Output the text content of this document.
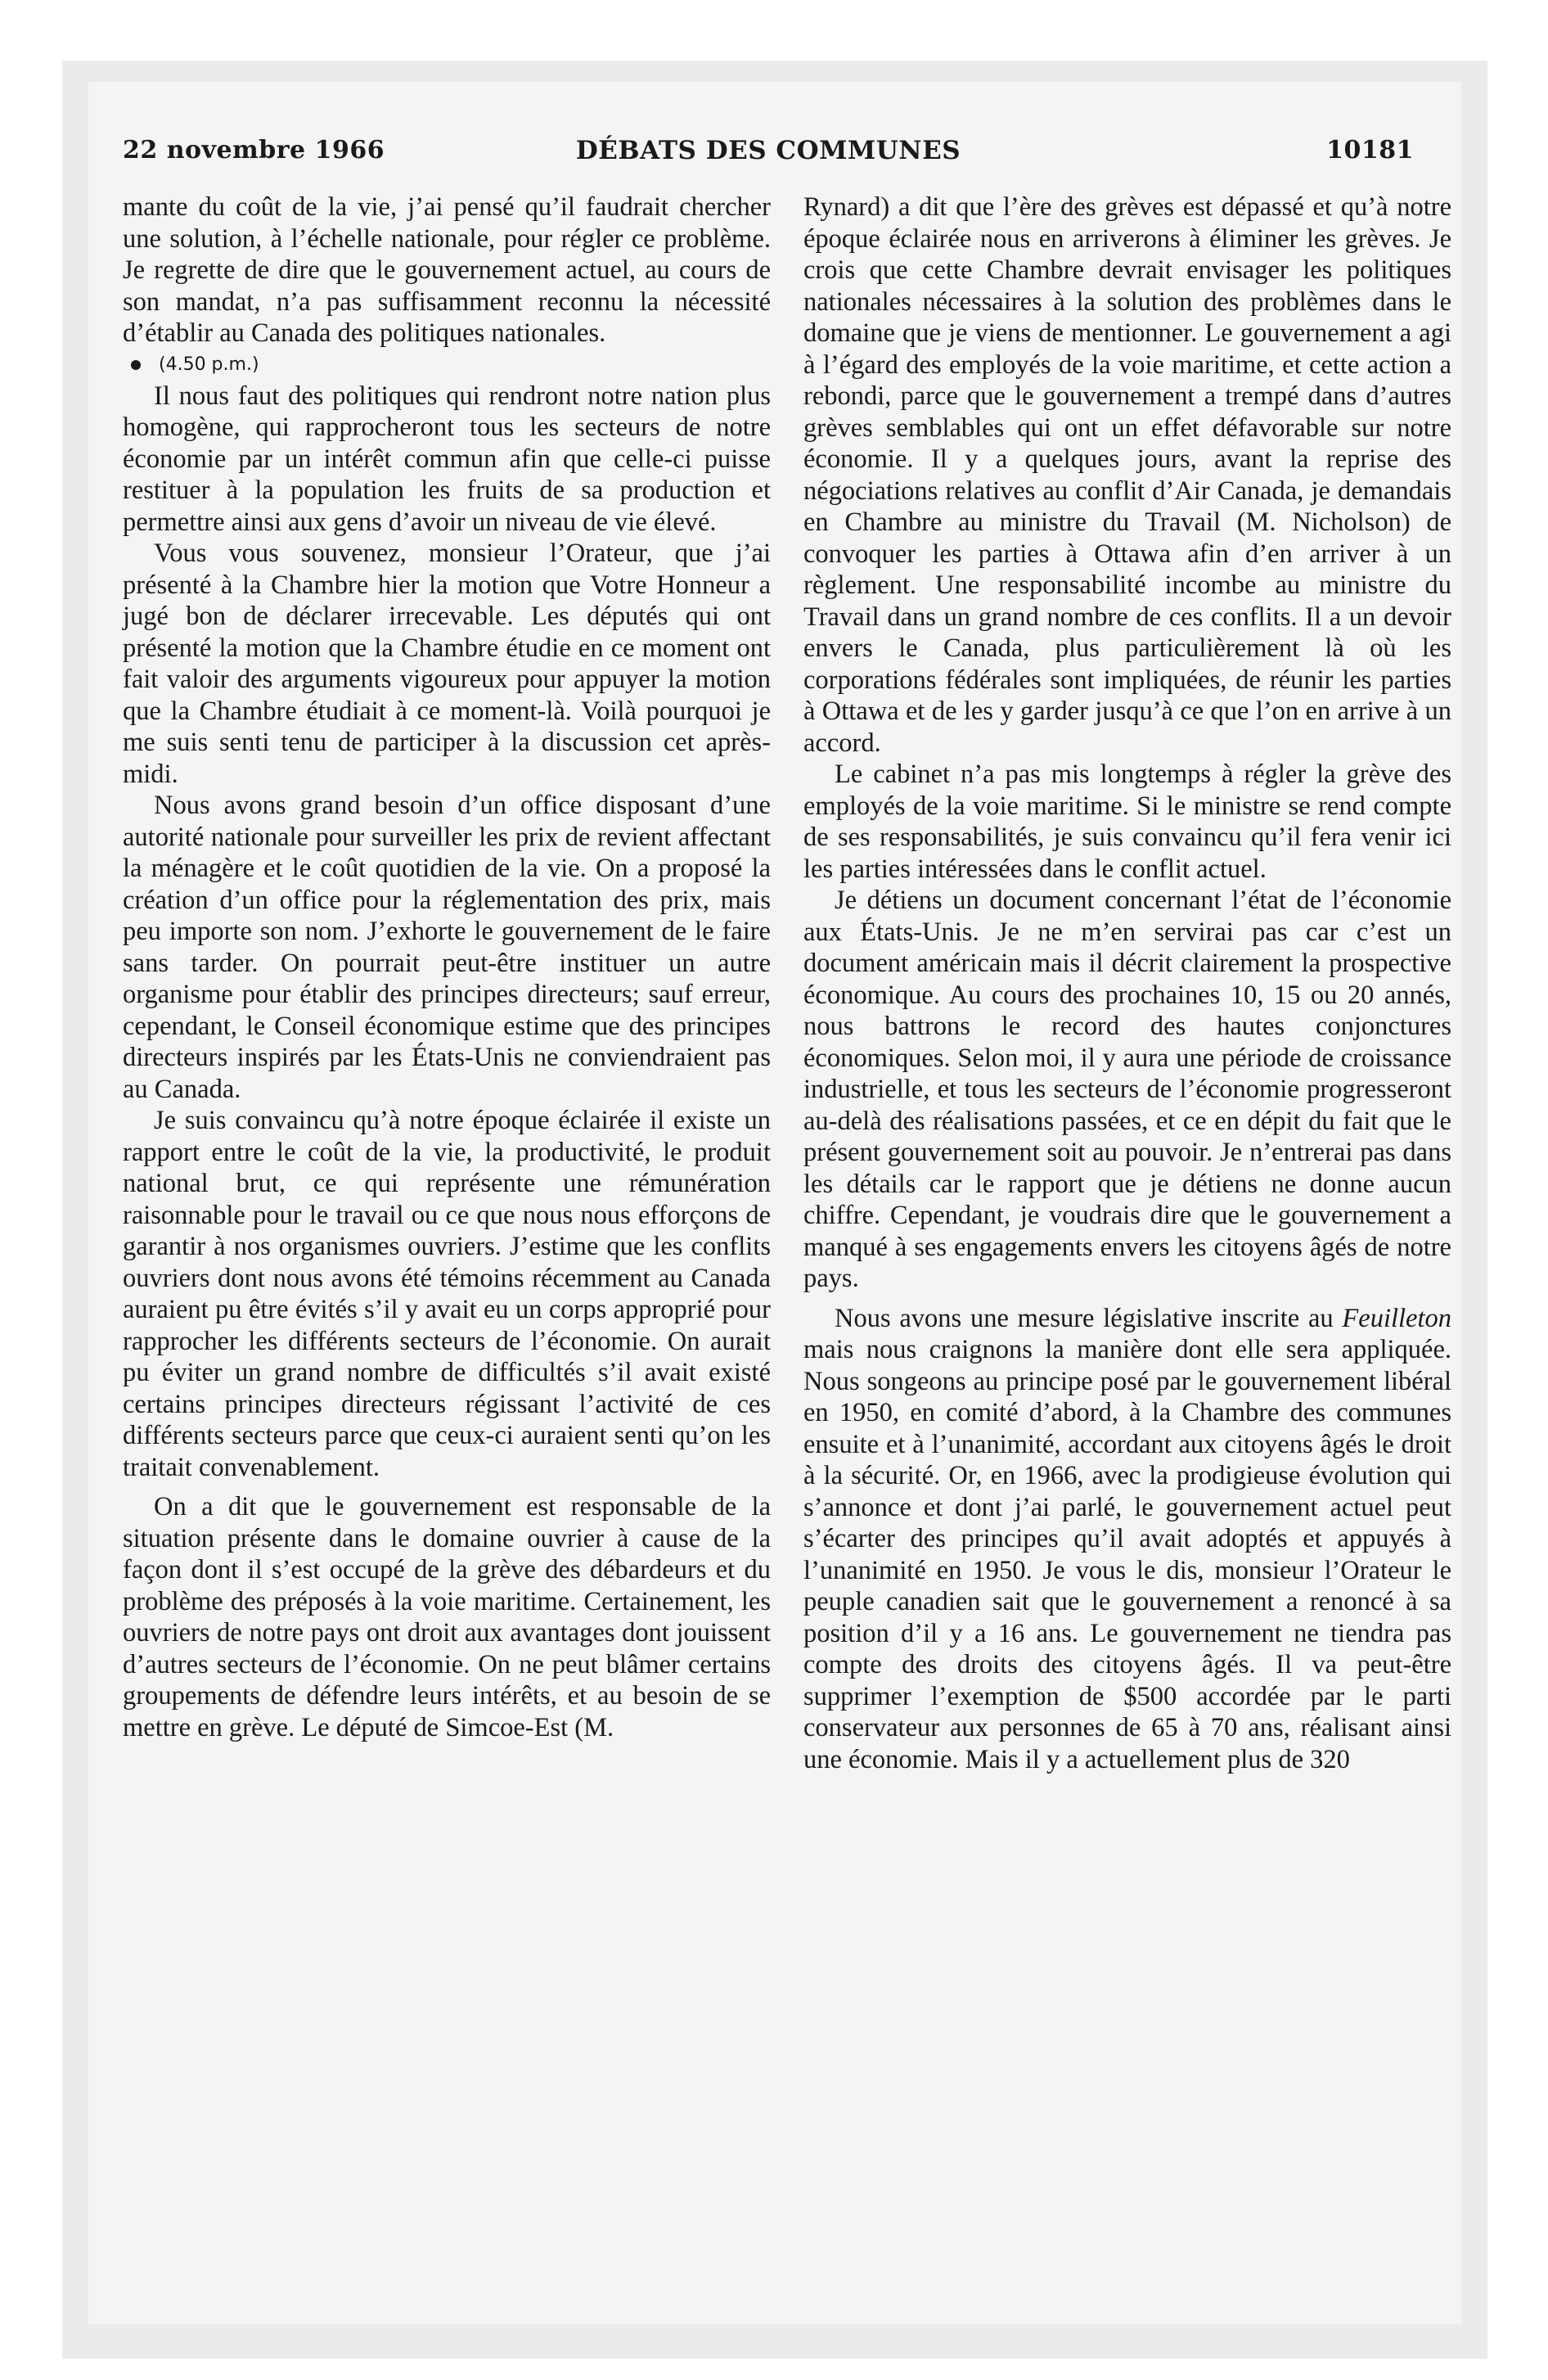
22 novembre 1966	DÉBATS DES COMMUNES	10181

mante du coût de la vie, j’ai pensé qu’il faudrait chercher une solution, à l’échelle nationale, pour régler ce problème. Je regrette de dire que le gouvernement actuel, au cours de son mandat, n’a pas suffisamment reconnu la nécessité d’établir au Canada des politiques nationales.

(4.50 p.m.)

Il nous faut des politiques qui rendront notre nation plus homogène, qui rapprocheront tous les secteurs de notre économie par un intérêt commun afin que celle-ci puisse restituer à la population les fruits de sa production et permettre ainsi aux gens d’avoir un niveau de vie élevé.

Vous vous souvenez, monsieur l’Orateur, que j’ai présenté à la Chambre hier la motion que Votre Honneur a jugé bon de déclarer irrecevable. Les députés qui ont présenté la motion que la Chambre étudie en ce moment ont fait valoir des arguments vigoureux pour appuyer la motion que la Chambre étudiait à ce moment-là. Voilà pourquoi je me suis senti tenu de participer à la discussion cet après-midi.

Nous avons grand besoin d’un office disposant d’une autorité nationale pour surveiller les prix de revient affectant la ménagère et le coût quotidien de la vie. On a proposé la création d’un office pour la réglementation des prix, mais peu importe son nom. J’exhorte le gouvernement de le faire sans tarder. On pourrait peut-être instituer un autre organisme pour établir des principes directeurs; sauf erreur, cependant, le Conseil économique estime que des principes directeurs inspirés par les États-Unis ne conviendraient pas au Canada.

Je suis convaincu qu’à notre époque éclairée il existe un rapport entre le coût de la vie, la productivité, le produit national brut, ce qui représente une rémunération raisonnable pour le travail ou ce que nous nous efforçons de garantir à nos organismes ouvriers. J’estime que les conflits ouvriers dont nous avons été témoins récemment au Canada auraient pu être évités s’il y avait eu un corps approprié pour rapprocher les différents secteurs de l’économie. On aurait pu éviter un grand nombre de difficultés s’il avait existé certains principes directeurs régissant l’activité de ces différents secteurs parce que ceux-ci auraient senti qu’on les traitait convenablement.

On a dit que le gouvernement est responsable de la situation présente dans le domaine ouvrier à cause de la façon dont il s’est occupé de la grève des débardeurs et du problème des préposés à la voie maritime. Certainement, les ouvriers de notre pays ont droit aux avantages dont jouissent d’autres secteurs de l’économie. On ne peut blâmer certains groupements de défendre leurs intérêts, et au besoin de se mettre en grève. Le député de Simcoe-Est (M.

Rynard) a dit que l’ère des grèves est dépassé et qu’à notre époque éclairée nous en arriverons à éliminer les grèves. Je crois que cette Chambre devrait envisager les politiques nationales nécessaires à la solution des problèmes dans le domaine que je viens de mentionner. Le gouvernement a agi à l’égard des employés de la voie maritime, et cette action a rebondi, parce que le gouvernement a trempé dans d’autres grèves semblables qui ont un effet défavorable sur notre économie. Il y a quelques jours, avant la reprise des négociations relatives au conflit d’Air Canada, je demandais en Chambre au ministre du Travail (M. Nicholson) de convoquer les parties à Ottawa afin d’en arriver à un règlement. Une responsabilité incombe au ministre du Travail dans un grand nombre de ces conflits. Il a un devoir envers le Canada, plus particulièrement là où les corporations fédérales sont impliquées, de réunir les parties à Ottawa et de les y garder jusqu’à ce que l’on en arrive à un accord.

Le cabinet n’a pas mis longtemps à régler la grève des employés de la voie maritime. Si le ministre se rend compte de ses responsabilités, je suis convaincu qu’il fera venir ici les parties intéressées dans le conflit actuel.

Je détiens un document concernant l’état de l’économie aux États-Unis. Je ne m’en servirai pas car c’est un document américain mais il décrit clairement la prospective économique. Au cours des prochaines 10, 15 ou 20 annés, nous battrons le record des hautes conjonctures économiques. Selon moi, il y aura une période de croissance industrielle, et tous les secteurs de l’économie progresseront au-delà des réalisations passées, et ce en dépit du fait que le présent gouvernement soit au pouvoir. Je n’entrerai pas dans les détails car le rapport que je détiens ne donne aucun chiffre. Cependant, je voudrais dire que le gouvernement a manqué à ses engagements envers les citoyens âgés de notre pays.

Nous avons une mesure législative inscrite au Feuilleton mais nous craignons la manière dont elle sera appliquée. Nous songeons au principe posé par le gouvernement libéral en 1950, en comité d’abord, à la Chambre des communes ensuite et à l’unanimité, accordant aux citoyens âgés le droit à la sécurité. Or, en 1966, avec la prodigieuse évolution qui s’annonce et dont j’ai parlé, le gouvernement actuel peut s’écarter des principes qu’il avait adoptés et appuyés à l’unanimité en 1950. Je vous le dis, monsieur l’Orateur le peuple canadien sait que le gouvernement a renoncé à sa position d’il y a 16 ans. Le gouvernement ne tiendra pas compte des droits des citoyens âgés. Il va peut-être supprimer l’exemption de $500 accordée par le parti conservateur aux personnes de 65 à 70 ans, réalisant ainsi une économie. Mais il y a actuellement plus de 320
